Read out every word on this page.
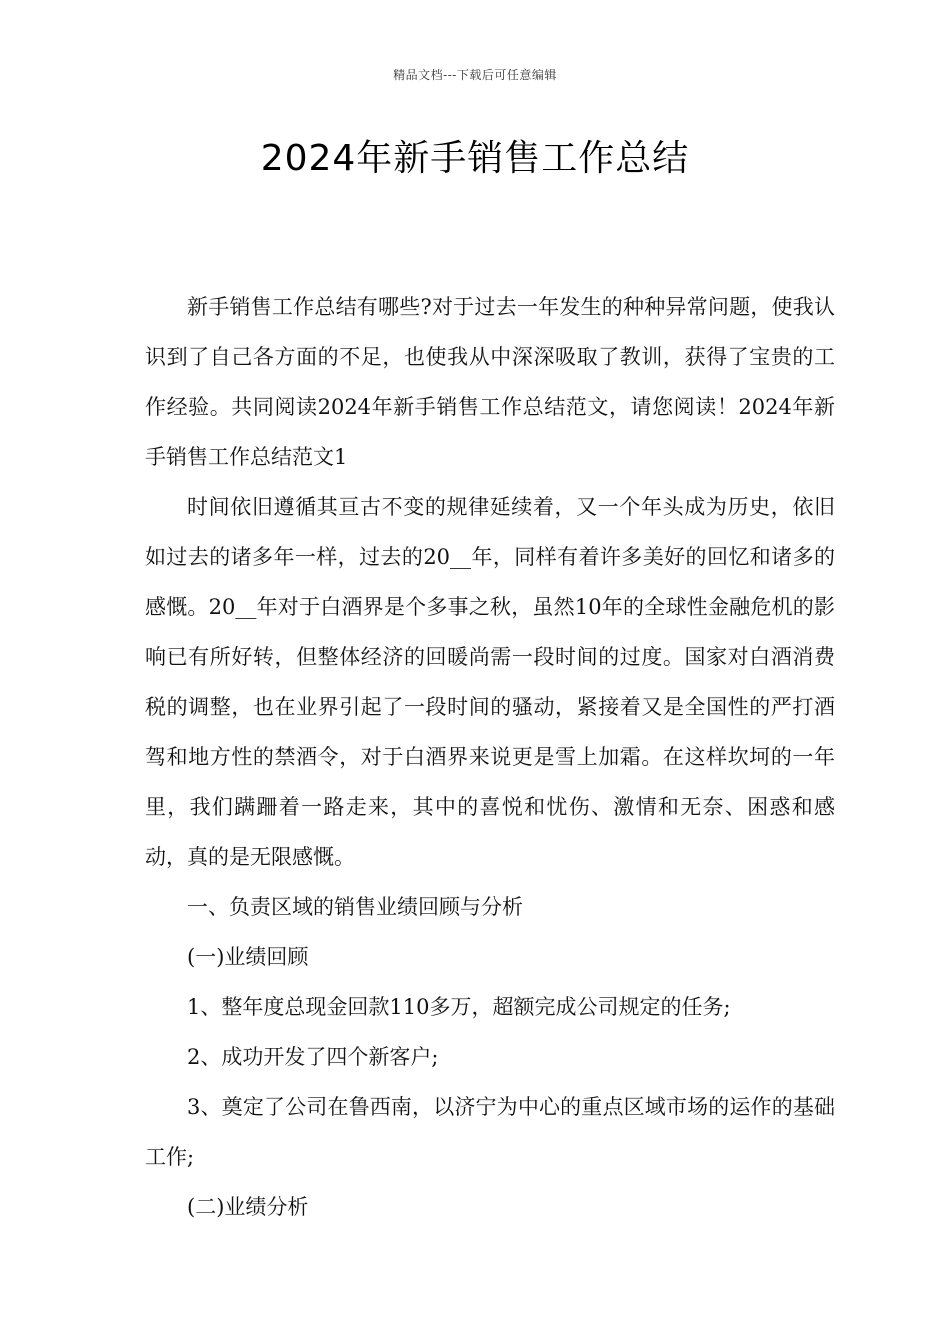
精品文档---下载后可任意编辑
2024年新手销售工作总结

新手销售工作总结有哪些?对于过去一年发生的种种异常问题，使我认识到了自己各方面的不足，也使我从中深深吸取了教训，获得了宝贵的工作经验。共同阅读2024年新手销售工作总结范文，请您阅读！2024年新手销售工作总结范文1

时间依旧遵循其亘古不变的规律延续着，又一个年头成为历史，依旧如过去的诸多年一样，过去的20__年，同样有着许多美好的回忆和诸多的感慨。20__年对于白酒界是个多事之秋，虽然10年的全球性金融危机的影响已有所好转，但整体经济的回暖尚需一段时间的过度。国家对白酒消费税的调整，也在业界引起了一段时间的骚动，紧接着又是全国性的严打酒驾和地方性的禁酒令，对于白酒界来说更是雪上加霜。在这样坎坷的一年里，我们蹒跚着一路走来，其中的喜悦和忧伤、激情和无奈、困惑和感动，真的是无限感慨。

一、负责区域的销售业绩回顾与分析

(一)业绩回顾

1、整年度总现金回款110多万，超额完成公司规定的任务;

2、成功开发了四个新客户;

3、奠定了公司在鲁西南，以济宁为中心的重点区域市场的运作的基础工作;

(二)业绩分析
